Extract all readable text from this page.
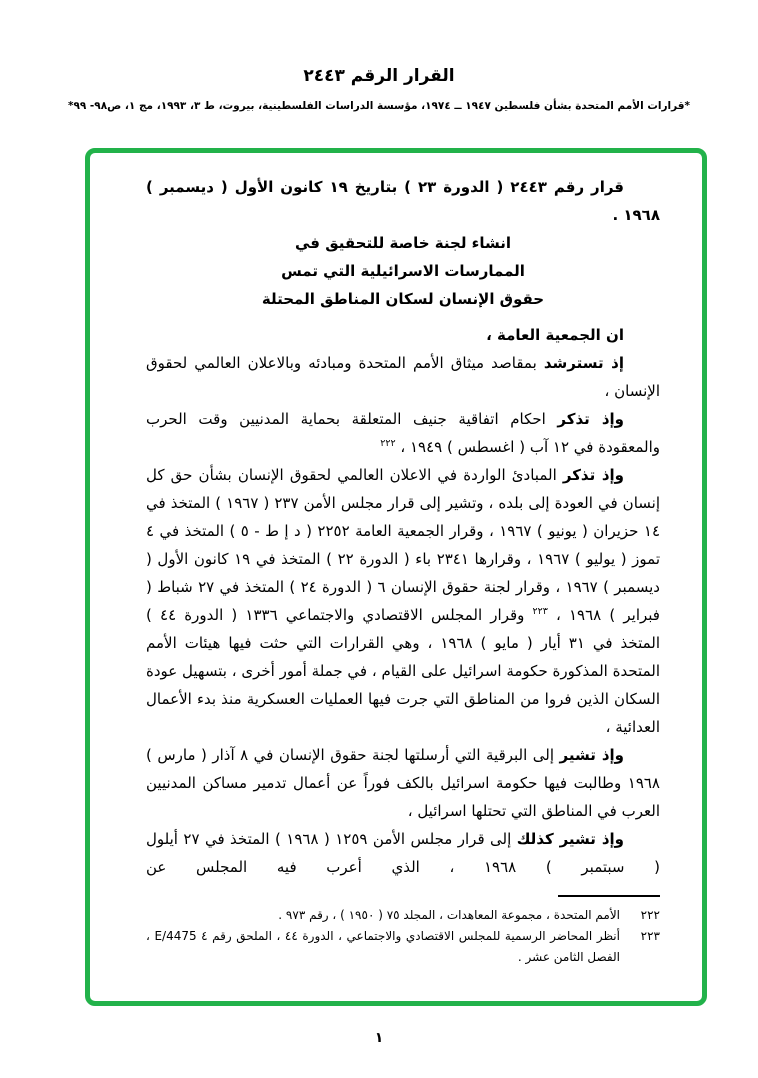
القرار الرقم ٢٤٤٣
*قرارات الأمم المتحدة بشأن فلسطين ١٩٤٧ ــ ١٩٧٤، مؤسسة الدراسات الفلسطينية، بيروت، ط ٣، ١٩٩٣، مج ١، ص٩٨- ٩٩*
قرار رقم ٢٤٤٣ ( الدورة ٢٣ ) بتاريخ ١٩ كانون الأول ( ديسمبر )
١٩٦٨ .
انشاء لجنة خاصة للتحقيق في
الممارسات الاسرائيلية التي تمس
حقوق الإنسان لسكان المناطق المحتلة

ان الجمعية العامة ،

إذ تسترشد بمقاصد ميثاق الأمم المتحدة ومبادئه وبالاعلان العالمي لحقوق الإنسان ،

وإذ تذكر احكام اتفاقية جنيف المتعلقة بحماية المدنيين وقت الحرب والمعقودة في ١٢ آب ( اغسطس ) ١٩٤٩ ، $^{٢٢٢}$

وإذ تذكر المبادئ الواردة في الاعلان العالمي لحقوق الإنسان بشأن حق كل إنسان في العودة إلى بلده ، وتشير إلى قرار مجلس الأمن ٢٣٧ ( ١٩٦٧ ) المتخذ في ١٤ حزيران ( يونيو ) ١٩٦٧ ، وقرار الجمعية العامة ٢٢٥٢ ( د إ ط - ٥ ) المتخذ في ٤ تموز ( يوليو ) ١٩٦٧ ، وقرارها ٢٣٤١ باء ( الدورة ٢٢ ) المتخذ في ١٩ كانون الأول ( ديسمبر ) ١٩٦٧ ، وقرار لجنة حقوق الإنسان ٦ ( الدورة ٢٤ ) المتخذ في ٢٧ شباط ( فبراير ) ١٩٦٨ ، $^{٢٢٣}$ وقرار المجلس الاقتصادي والاجتماعي ١٣٣٦ ( الدورة ٤٤ ) المتخذ في ٣١ أيار ( مايو ) ١٩٦٨ ، وهي القرارات التي حثت فيها هيئات الأمم المتحدة المذكورة حكومة اسرائيل على القيام ، في جملة أمور أخرى ، بتسهيل عودة السكان الذين فروا من المناطق التي جرت فيها العمليات العسكرية منذ بدء الأعمال العدائية ،

وإذ تشير إلى البرقية التي أرسلتها لجنة حقوق الإنسان في ٨ آذار ( مارس ) ١٩٦٨ وطالبت فيها حكومة اسرائيل بالكف فوراً عن أعمال تدمير مساكن المدنيين العرب في المناطق التي تحتلها اسرائيل ،

وإذ تشير كذلك إلى قرار مجلس الأمن ١٢٥٩ ( ١٩٦٨ ) المتخذ في ٢٧ أيلول ( سبتمبر ) ١٩٦٨ ، الذي أعرب فيه المجلس عن

٢٢٢
الأمم المتحدة ، مجموعة المعاهدات ، المجلد ٧٥ ( ١٩٥٠ ) ، رقم ٩٧٣ .
٢٢٣
أنظر المحاضر الرسمية للمجلس الاقتصادي والاجتماعي ، الدورة ٤٤ ، الملحق رقم ٤ E/4475 ، الفصل الثامن عشر .
١
